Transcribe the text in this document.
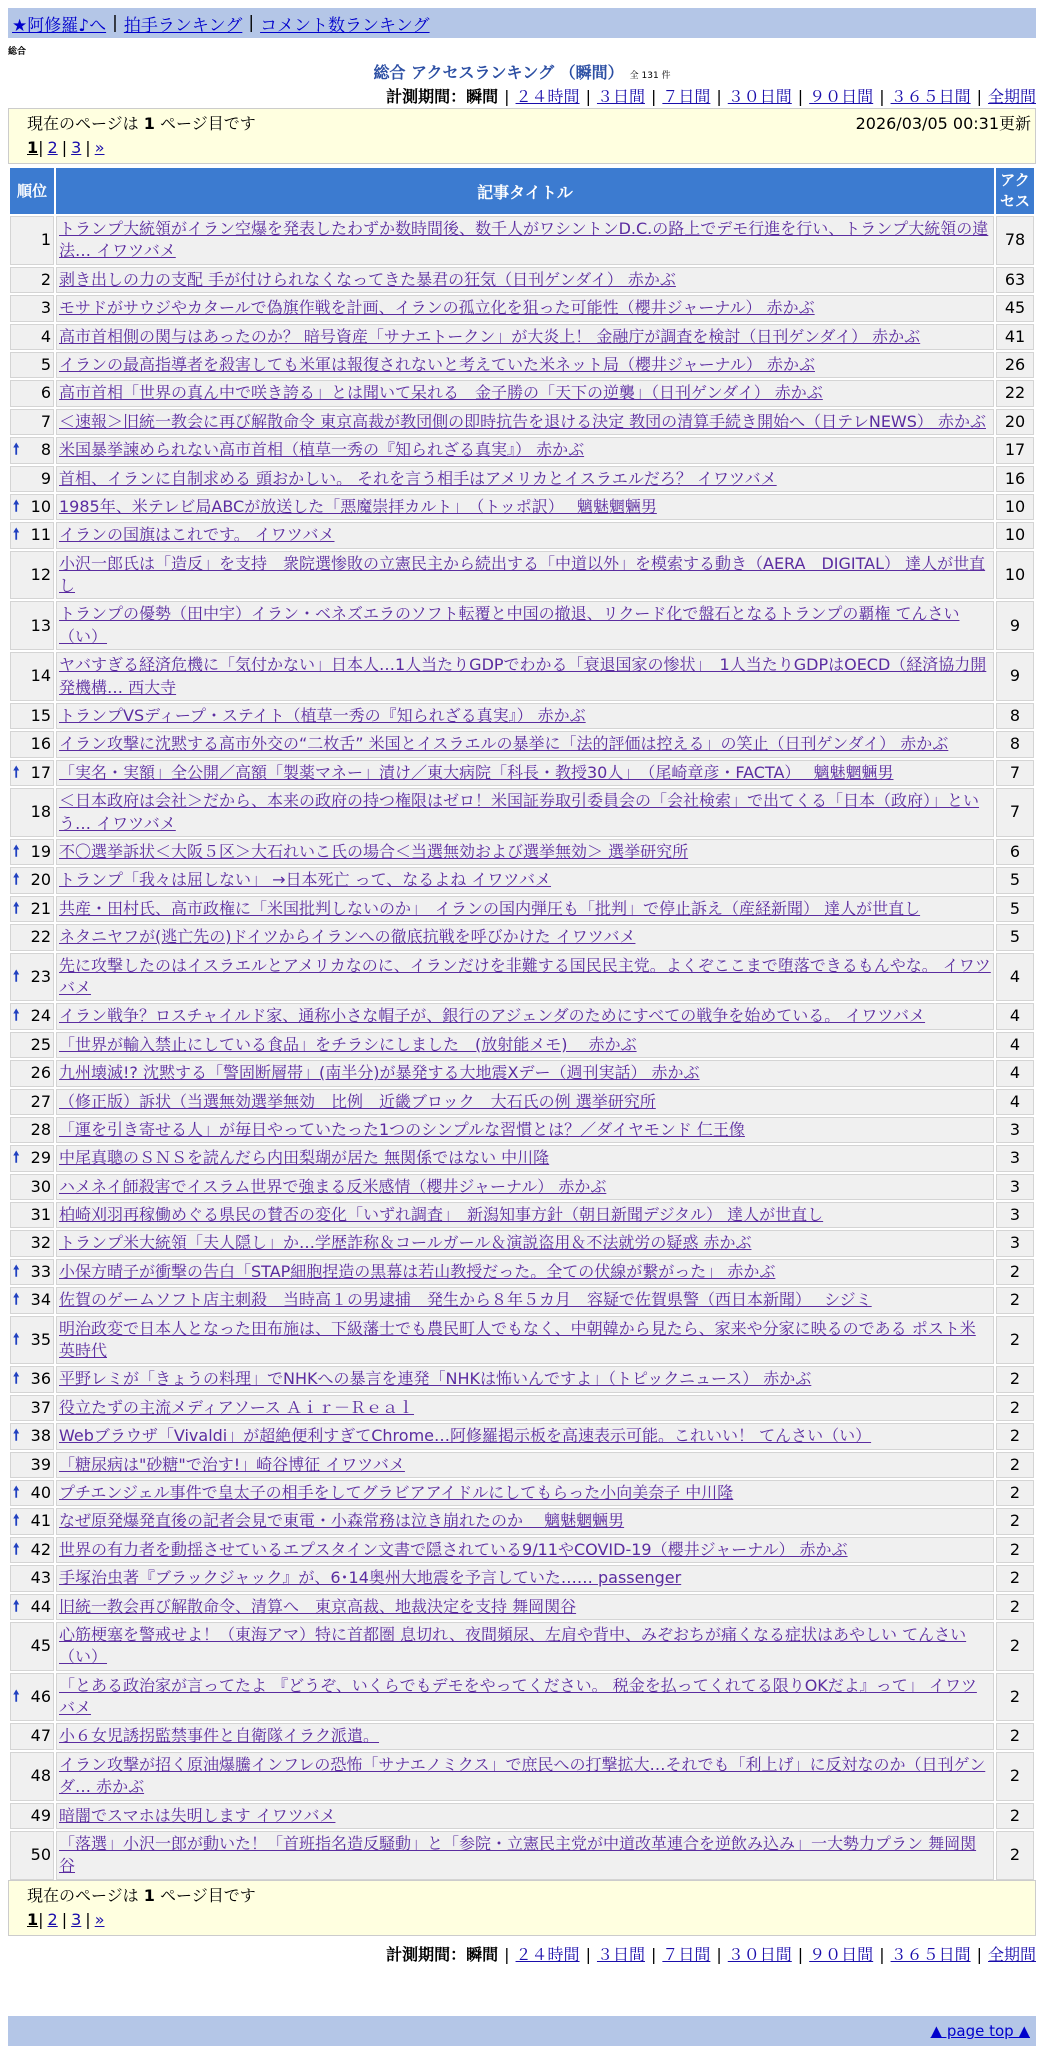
★阿修羅♪へ | 拍手ランキング | コメント数ランキング
総合
総合 アクセスランキング （瞬間） 全 131 件
計測期間：瞬間 | ２４時間 | ３日間 | ７日間 | ３０日間 | ９０日間 | ３６５日間 | 全期間
現在のページは 1 ページ目です	2026/03/05 00:31更新
1| 2 | 3 | »
順位	記事タイトル	アクセス
1	トランプ大統領がイラン空爆を発表したわずか数時間後、数千人がワシントンD.C.の路上でデモ行進を行い、トランプ大統領の違法… イワツバメ	78
2	剥き出しの力の支配 手が付けられなくなってきた暴君の狂気（日刊ゲンダイ） 赤かぶ	63
3	モサドがサウジやカタールで偽旗作戦を計画、イランの孤立化を狙った可能性（櫻井ジャーナル） 赤かぶ	45
4	高市首相側の関与はあったのか？ 暗号資産「サナエトークン」が大炎上！ 金融庁が調査を検討（日刊ゲンダイ） 赤かぶ	41
5	イランの最高指導者を殺害しても米軍は報復されないと考えていた米ネット局（櫻井ジャーナル） 赤かぶ	26
6	高市首相「世界の真ん中で咲き誇る」とは聞いて呆れる　金子勝の「天下の逆襲」（日刊ゲンダイ） 赤かぶ	22
7	＜速報＞旧統一教会に再び解散命令 東京高裁が教団側の即時抗告を退ける決定 教団の清算手続き開始へ（日テレNEWS） 赤かぶ	20

🠕 8	米国暴挙諫められない高市首相（植草一秀の『知られざる真実』） 赤かぶ	17
9	首相、イランに自制求める 頭おかしい。 それを言う相手はアメリカとイスラエルだろ？ イワツバメ	16

🠕 10	1985年、米テレビ局ABCが放送した「悪魔崇拝カルト」　（トッポ訳）　 魑魅魍魎男	10

🠕 11	イランの国旗はこれです。 イワツバメ	10
12	小沢一郎氏は「造反」を支持　衆院選惨敗の立憲民主から続出する「中道以外」を模索する動き（AERA　DIGITAL） 達人が世直し	10
13	トランプの優勢（田中宇）イラン・ベネズエラのソフト転覆と中国の撤退、リクード化で盤石となるトランプの覇権 てんさい（い）	9
14	ヤバすぎる経済危機に「気付かない」日本人…1人当たりGDPでわかる「衰退国家の惨状」　1人当たりGDPはOECD（経済協力開発機構… 西大寺	9
15	トランプVSディープ・ステイト（植草一秀の『知られざる真実』） 赤かぶ	8
16	イラン攻撃に沈黙する高市外交の“二枚舌” 米国とイスラエルの暴挙に「法的評価は控える」の笑止（日刊ゲンダイ） 赤かぶ	8

🠕 17	「実名・実額」全公開／高額「製薬マネー」漬け／東大病院「科長・教授30人」　（尾崎章彦・FACTA）　 魑魅魍魎男	7
18	＜日本政府は会社＞だから、本来の政府の持つ権限はゼロ！米国証券取引委員会の「会社検索」で出てくる「日本（政府）」という… イワツバメ	7

🠕 19	不〇選挙訴状＜大阪５区＞大石れいこ氏の場合＜当選無効および選挙無効＞ 選挙研究所	6

🠕 20	トランプ「我々は屈しない」 →日本死亡 って、なるよね イワツバメ	5

🠕 21	共産・田村氏、高市政権に「米国批判しないのか」　イランの国内弾圧も「批判」で停止訴え（産経新聞） 達人が世直し	5
22	ネタニヤフが(逃亡先の)ドイツからイランへの徹底抗戦を呼びかけた イワツバメ	5

🠕 23	先に攻撃したのはイスラエルとアメリカなのに、イランだけを非難する国民民主党。よくぞここまで堕落できるもんやな。 イワツバメ	4

🠕 24	イラン戦争？ロスチャイルド家、通称小さな帽子が、銀行のアジェンダのためにすべての戦争を始めている。 イワツバメ	4
25	「世界が輸入禁止にしている食品」をチラシにしました　(放射能メモ)　 赤かぶ	4
26	九州壊滅!? 沈黙する「警固断層帯」(南半分)が暴発する大地震Xデー（週刊実話） 赤かぶ	4
27	（修正版）訴状（当選無効選挙無効　比例　近畿ブロック　大石氏の例 選挙研究所	4
28	「運を引き寄せる人」が毎日やっていたった1つのシンプルな習慣とは？／ダイヤモンド 仁王像	3

🠕 29	中尾真聰のＳＮＳを読んだら内田梨瑚が居た 無関係ではない 中川隆	3
30	ハメネイ師殺害でイスラム世界で強まる反米感情（櫻井ジャーナル） 赤かぶ	3
31	柏崎刈羽再稼働めぐる県民の賛否の変化「いずれ調査」　新潟知事方針（朝日新聞デジタル） 達人が世直し	3
32	トランプ米大統領「夫人隠し」か…学歴詐称＆コールガール＆演説盗用＆不法就労の疑惑 赤かぶ	3

🠕 33	小保方晴子が衝撃の告白「STAP細胞捏造の黒幕は若山教授だった。全ての伏線が繋がった」 赤かぶ	2

🠕 34	佐賀のゲームソフト店主刺殺　当時高１の男逮捕　発生から８年５カ月　容疑で佐賀県警（西日本新聞）　 シジミ	2

🠕 35	明治政変で日本人となった田布施は、下級藩士でも農民町人でもなく、中朝韓から見たら、家来や分家に映るのである ポスト米英時代	2

🠕 36	平野レミが「きょうの料理」でNHKへの暴言を連発「NHKは怖いんですよ」（トピックニュース） 赤かぶ	2
37	役立たずの主流メディアソース Ａｉｒ－Ｒｅａｌ	2

🠕 38	Webブラウザ「Vivaldi」が超絶便利すぎてChrome…阿修羅掲示板を高速表示可能。これいい！ てんさい（い）	2
39	「糖尿病は"砂糖"で治す!」崎谷博征 イワツバメ	2

🠕 40	プチエンジェル事件で皇太子の相手をしてグラビアアイドルにしてもらった小向美奈子 中川隆	2

🠕 41	なぜ原発爆発直後の記者会見で東電・小森常務は泣き崩れたのか　 魑魅魍魎男	2

🠕 42	世界の有力者を動揺させているエプスタイン文書で隠されている9/11やCOVID-19（櫻井ジャーナル） 赤かぶ	2
43	手塚治虫著『ブラックジャック』が、6･14奥州大地震を予言していた…… passenger	2

🠕 44	旧統一教会再び解散命令、清算へ　東京高裁、地裁決定を支持 舞岡関谷	2
45	心筋梗塞を警戒せよ！（東海アマ）特に首都圏 息切れ、夜間頻尿、左肩や背中、みぞおちが痛くなる症状はあやしい てんさい（い）	2

🠕 46	「とある政治家が言ってたよ 『どうぞ、いくらでもデモをやってください。 税金を払ってくれてる限りOKだよ』って」 イワツバメ	2
47	小６女児誘拐監禁事件と自衛隊イラク派遣。	2
48	イラン攻撃が招く原油爆騰インフレの恐怖「サナエノミクス」で庶民への打撃拡大…それでも「利上げ」に反対なのか（日刊ゲンダ… 赤かぶ	2
49	暗闇でスマホは失明します イワツバメ	2
50	「落選」小沢一郎が動いた！「首班指名造反騒動」と「参院・立憲民主党が中道改革連合を逆飲み込み」一大勢力プラン 舞岡関谷	2
現在のページは 1 ページ目です
1| 2 | 3 | »
計測期間：瞬間 | ２４時間 | ３日間 | ７日間 | ３０日間 | ９０日間 | ３６５日間 | 全期間
▲ page top ▲
